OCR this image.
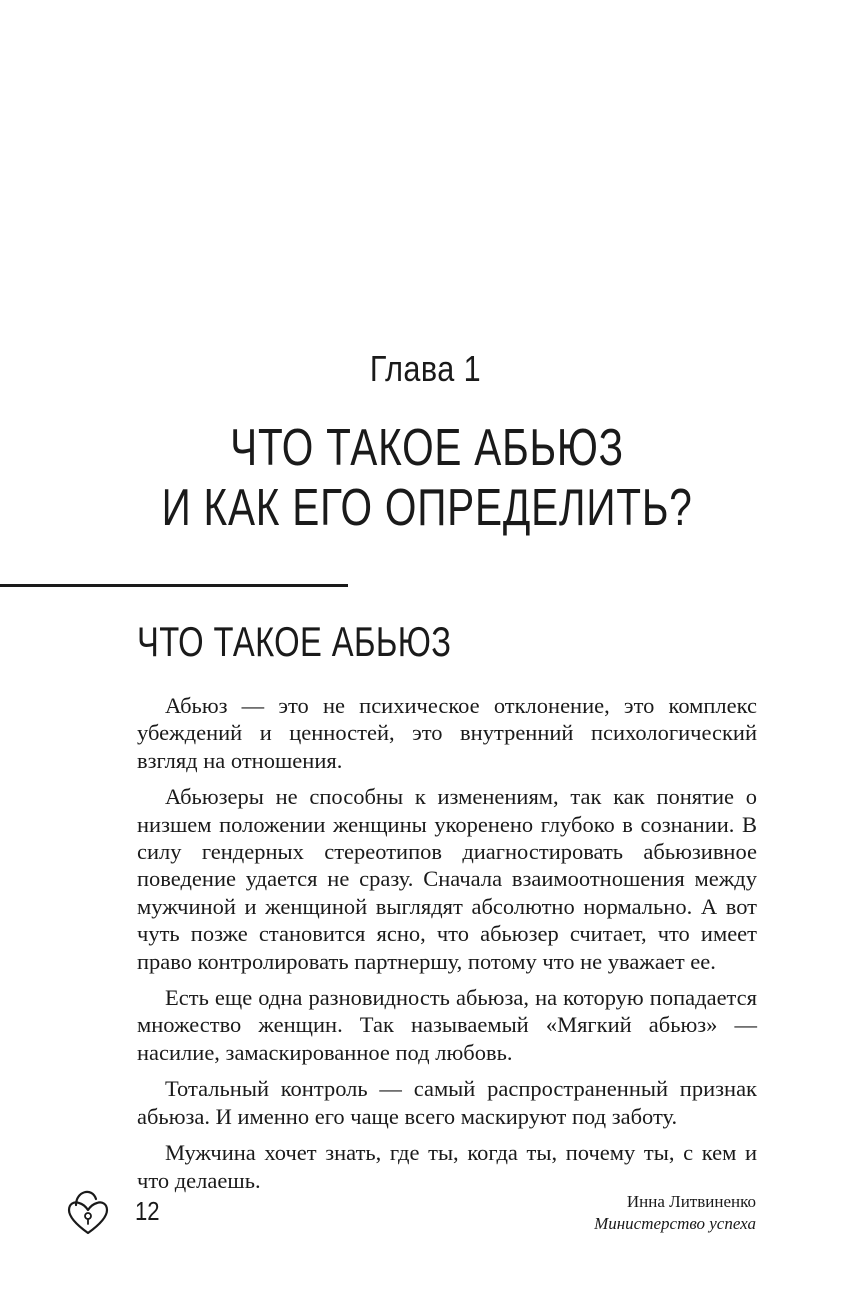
Глава 1
ЧТО ТАКОЕ АБЬЮЗ
И КАК ЕГО ОПРЕДЕЛИТЬ?
ЧТО ТАКОЕ АБЬЮЗ

Абьюз — это не психическое отклонение, это комплекс убеждений и ценностей, это внутренний психологический взгляд на отношения.

Абьюзеры не способны к изменениям, так как понятие о низшем положении женщины укоренено глубоко в сознании. В силу гендерных стереотипов диагностировать абьюзивное поведение удается не сразу. Сначала взаимоотношения между мужчиной и женщиной выглядят абсолютно нормально. А вот чуть позже становится ясно, что абьюзер считает, что имеет право контролировать партнершу, потому что не уважает ее.

Есть еще одна разновидность абьюза, на которую попадается множество женщин. Так называемый «Мягкий абьюз» — насилие, замаскированное под любовь.

Тотальный контроль — самый распространенный признак абьюза. И именно его чаще всего маскируют под заботу.

Мужчина хочет знать, где ты, когда ты, почему ты, с кем и что делаешь.

12	Инна Литвиненко
Министерство успеха
